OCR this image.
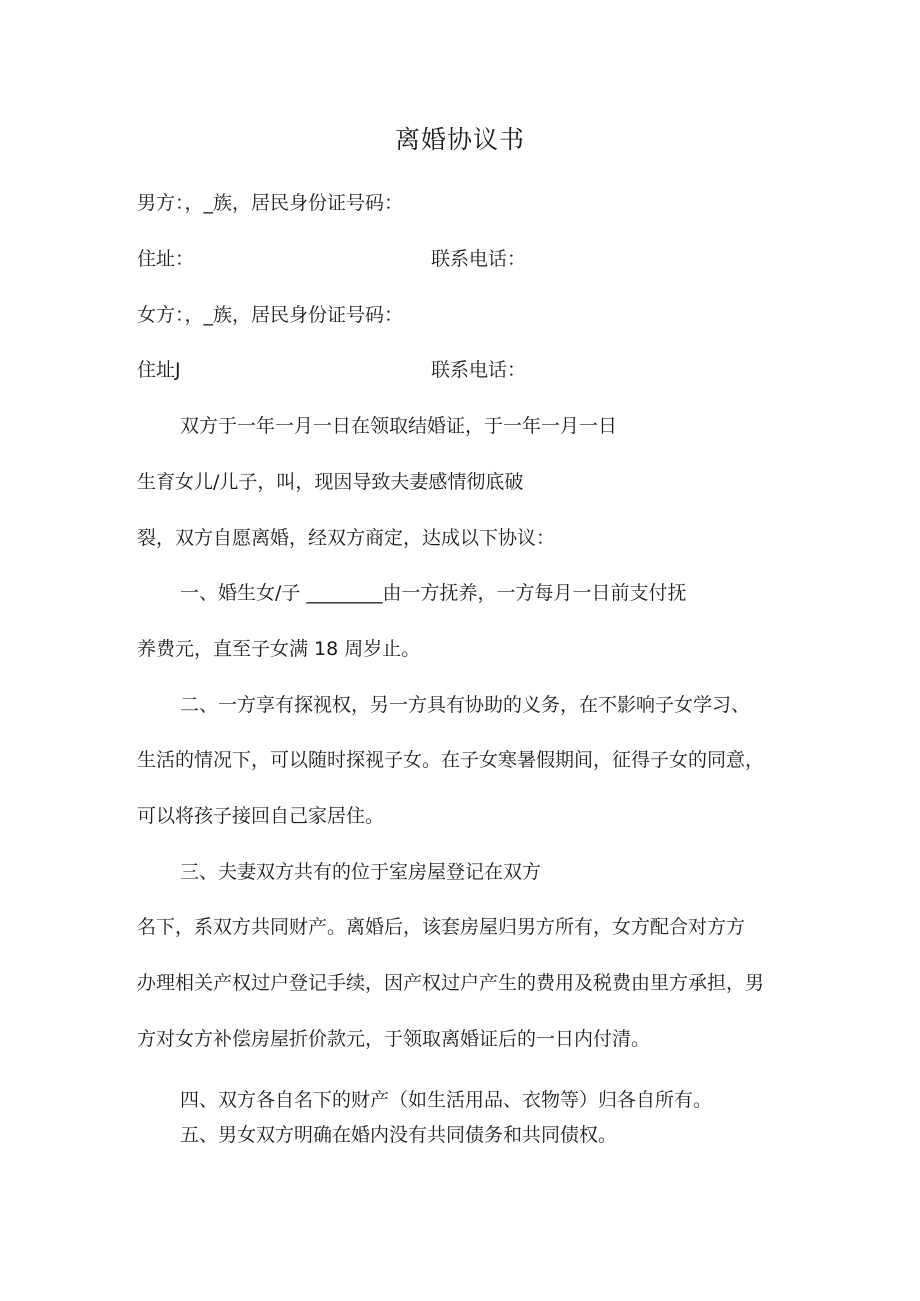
离婚协议书
男方：，_族，居民身份证号码：
住址：	联系电话：
女方：，_族，居民身份证号码：
住址J	联系电话：
双方于一年一月一日在领取结婚证，于一年一月一日
生育女儿/儿子，叫，现因导致夫妻感情彻底破
裂，双方自愿离婚，经双方商定，达成以下协议：
一、婚生女/子 ________由一方抚养，一方每月一日前支付抚
养费元，直至子女满 18 周岁止。
二、一方享有探视权，另一方具有协助的义务，在不影响子女学习、
生活的情况下，可以随时探视子女。在子女寒暑假期间，征得子女的同意，
可以将孩子接回自己家居住。
三、夫妻双方共有的位于室房屋登记在双方
名下，系双方共同财产。离婚后，该套房屋归男方所有，女方配合对方方
办理相关产权过户登记手续，因产权过户产生的费用及税费由里方承担，男
方对女方补偿房屋折价款元，于领取离婚证后的一日内付清。
四、双方各自名下的财产（如生活用品、衣物等）归各自所有。
五、男女双方明确在婚内没有共同债务和共同债权。
